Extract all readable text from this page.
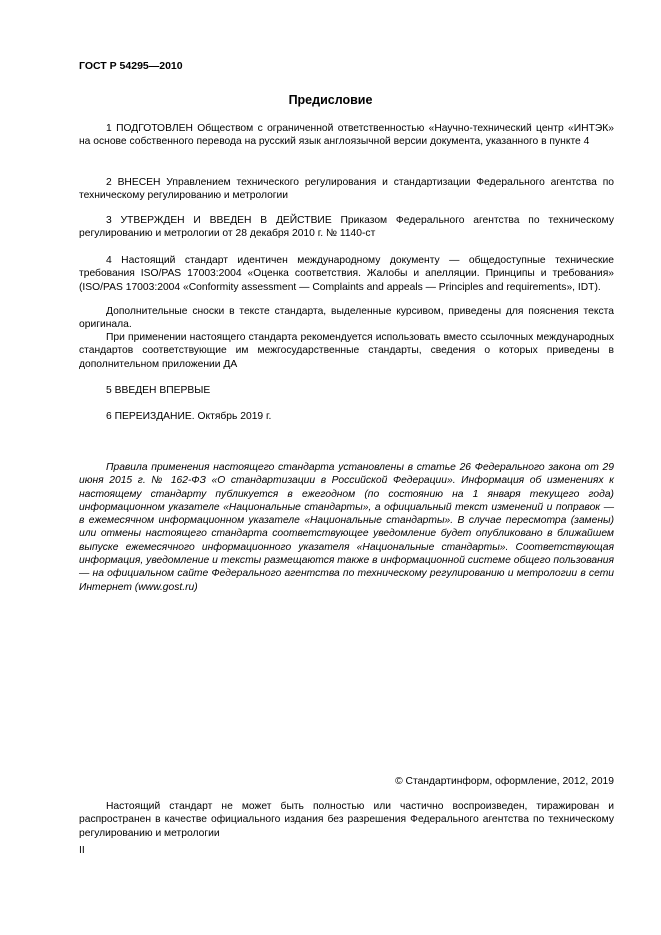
ГОСТ Р 54295—2010
Предисловие

1 ПОДГОТОВЛЕН Обществом с ограниченной ответственностью «Научно-технический центр «ИНТЭК» на основе собственного перевода на русский язык англоязычной версии документа, указанного в пункте 4

2 ВНЕСЕН Управлением технического регулирования и стандартизации Федерального агентства по техническому регулированию и метрологии

3 УТВЕРЖДЕН И ВВЕДЕН В ДЕЙСТВИЕ Приказом Федерального агентства по техническому регулированию и метрологии от 28 декабря 2010 г. № 1140-ст

4 Настоящий стандарт идентичен международному документу — общедоступные технические требования ISO/PAS 17003:2004 «Оценка соответствия. Жалобы и апелляции. Принципы и требования» (ISO/PAS 17003:2004 «Conformity assessment — Complaints and appeals — Principles and requirements», IDT).

Дополнительные сноски в тексте стандарта, выделенные курсивом, приведены для пояснения текста оригинала.

При применении настоящего стандарта рекомендуется использовать вместо ссылочных международных стандартов соответствующие им межгосударственные стандарты, сведения о которых приведены в дополнительном приложении ДА

5 ВВЕДЕН ВПЕРВЫЕ

6 ПЕРЕИЗДАНИЕ. Октябрь 2019 г.

Правила применения настоящего стандарта установлены в статье 26 Федерального закона от 29 июня 2015 г. № 162-ФЗ «О стандартизации в Российской Федерации». Информация об изменениях к настоящему стандарту публикуется в ежегодном (по состоянию на 1 января текущего года) информационном указателе «Национальные стандарты», а официальный текст изменений и поправок — в ежемесячном информационном указателе «Национальные стандарты». В случае пересмотра (замены) или отмены настоящего стандарта соответствующее уведомление будет опубликовано в ближайшем выпуске ежемесячного информационного указателя «Национальные стандарты». Соответствующая информация, уведомление и тексты размещаются также в информационной системе общего пользования — на официальном сайте Федерального агентства по техническому регулированию и метрологии в сети Интернет (www.gost.ru)

© Стандартинформ, оформление, 2012, 2019

Настоящий стандарт не может быть полностью или частично воспроизведен, тиражирован и распространен в качестве официального издания без разрешения Федерального агентства по техническому регулированию и метрологии

II
